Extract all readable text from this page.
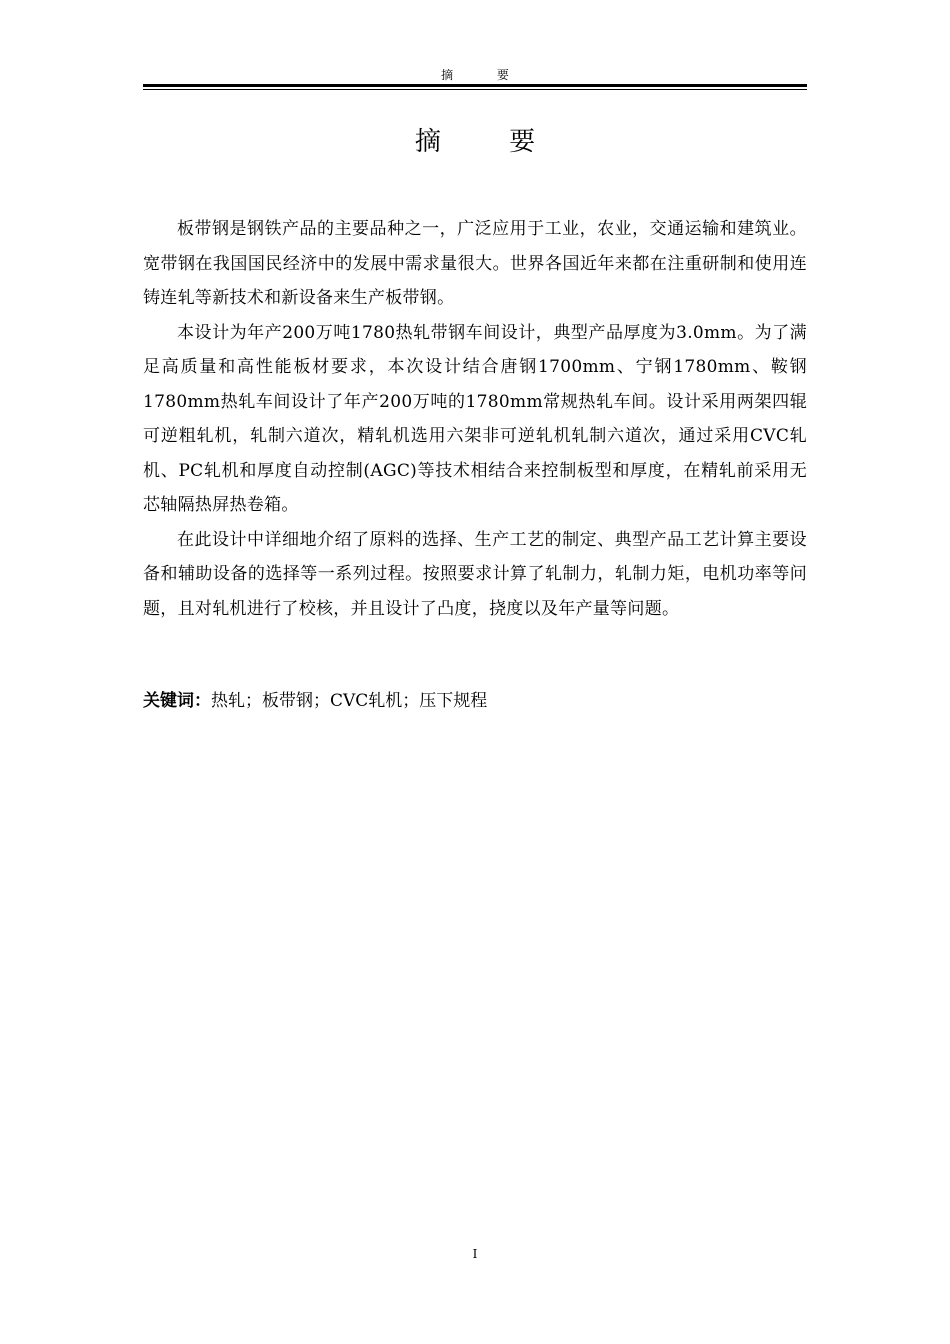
摘 要
摘 要

板带钢是钢铁产品的主要品种之一，广泛应用于工业，农业，交通运输和建筑业。宽带钢在我国国民经济中的发展中需求量很大。世界各国近年来都在注重研制和使用连铸连轧等新技术和新设备来生产板带钢。

本设计为年产200万吨1780热轧带钢车间设计，典型产品厚度为3.0mm。为了满足高质量和高性能板材要求，本次设计结合唐钢1700mm、宁钢1780mm、鞍钢1780mm热轧车间设计了年产200万吨的1780mm常规热轧车间。设计采用两架四辊可逆粗轧机，轧制六道次，精轧机选用六架非可逆轧机轧制六道次，通过采用CVC轧机、PC轧机和厚度自动控制(AGC)等技术相结合来控制板型和厚度，在精轧前采用无芯轴隔热屏热卷箱。

在此设计中详细地介绍了原料的选择、生产工艺的制定、典型产品工艺计算主要设备和辅助设备的选择等一系列过程。按照要求计算了轧制力，轧制力矩，电机功率等问题，且对轧机进行了校核，并且设计了凸度，挠度以及年产量等问题。

关键词：热轧；板带钢；CVC轧机；压下规程
I
